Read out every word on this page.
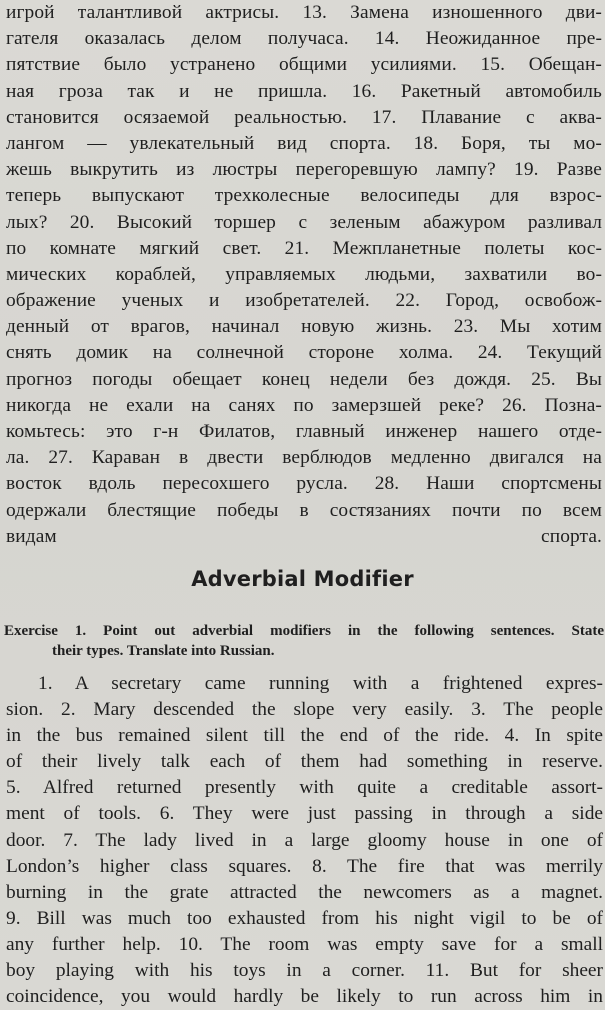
игрой талантливой актрисы. 13. Замена изношенного дви-
гателя оказалась делом получаса. 14. Неожиданное пре-
пятствие было устранено общими усилиями. 15. Обещан-
ная гроза так и не пришла. 16. Ракетный автомобиль
становится осязаемой реальностью. 17. Плавание с аква-
лангом — увлекательный вид спорта. 18. Боря, ты мо-
жешь выкрутить из люстры перегоревшую лампу? 19. Разве
теперь выпускают трехколесные велосипеды для взрос-
лых? 20. Высокий торшер с зеленым абажуром разливал
по комнате мягкий свет. 21. Межпланетные полеты кос-
мических кораблей, управляемых людьми, захватили во-
ображение ученых и изобретателей. 22. Город, освобож-
денный от врагов, начинал новую жизнь. 23. Мы хотим
снять домик на солнечной стороне холма. 24. Текущий
прогноз погоды обещает конец недели без дождя. 25. Вы
никогда не ехали на санях по замерзшей реке? 26. Позна-
комьтесь: это г-н Филатов, главный инженер нашего отде-
ла. 27. Караван в двести верблюдов медленно двигался на
восток вдоль пересохшего русла. 28. Наши спортсмены
одержали блестящие победы в состязаниях почти по всем
видам спорта.
Adverbial Modifier
Exercise 1. Point out adverbial modifiers in the following sentences. State
their types. Translate into Russian.
1. A secretary came running with a frightened expres-
sion. 2. Mary descended the slope very easily. 3. The people
in the bus remained silent till the end of the ride. 4. In spite
of their lively talk each of them had something in reserve.
5. Alfred returned presently with quite a creditable assort-
ment of tools. 6. They were just passing in through a side
door. 7. The lady lived in a large gloomy house in one of
London’s higher class squares. 8. The fire that was merrily
burning in the grate attracted the newcomers as a magnet.
9. Bill was much too exhausted from his night vigil to be of
any further help. 10. The room was empty save for a small
boy playing with his toys in a corner. 11. But for sheer
coincidence, you would hardly be likely to run across him in
